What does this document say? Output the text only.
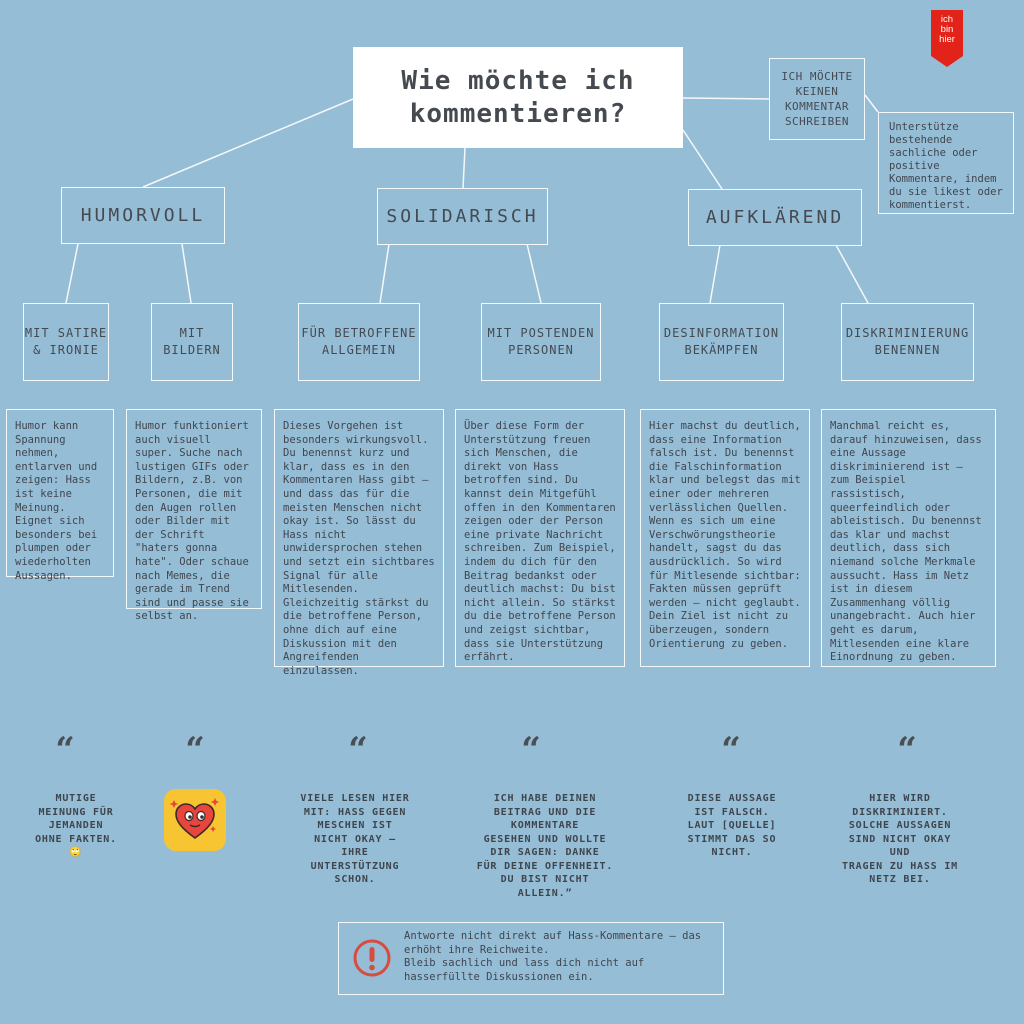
Wie möchte ich
kommentieren?
ich
bin
hier
ICH MÖCHTE
KEINEN
KOMMENTAR
SCHREIBEN	Unterstütze bestehende sachliche oder positive Kommentare, indem du sie likest oder kommentierst.
HUMORVOLL	SOLIDARISCH	AUFKLÄREND
MIT SATIRE
& IRONIE
MIT
BILDERN
FÜR BETROFFENE
ALLGEMEIN
MIT POSTENDEN
PERSONEN
DESINFORMATION
BEKÄMPFEN
DISKRIMINIERUNG
BENENNEN
Humor kann Spannung nehmen, entlarven und zeigen: Hass ist keine Meinung. Eignet sich besonders bei plumpen oder wiederholten Aussagen.
Humor funktioniert auch visuell super. Suche nach lustigen GIFs oder Bildern, z.B. von Personen, die mit den Augen rollen oder Bilder mit der Schrift "haters gonna hate". Oder schaue nach Memes, die gerade im Trend sind und passe sie selbst an.
Dieses Vorgehen ist besonders wirkungsvoll. Du benennst kurz und klar, dass es in den Kommentaren Hass gibt – und dass das für die meisten Menschen nicht okay ist. So lässt du Hass nicht unwidersprochen stehen und setzt ein sichtbares Signal für alle Mitlesenden. Gleichzeitig stärkst du die betroffene Person, ohne dich auf eine Diskussion mit den Angreifenden einzulassen.
Über diese Form der Unterstützung freuen sich Menschen, die direkt von Hass betroffen sind. Du kannst dein Mitgefühl offen in den Kommentaren zeigen oder der Person eine private Nachricht schreiben. Zum Beispiel, indem du dich für den Beitrag bedankst oder deutlich machst: Du bist nicht allein. So stärkst du die betroffene Person und zeigst sichtbar, dass sie Unterstützung erfährt.
Hier machst du deutlich, dass eine Information falsch ist. Du benennst die Falschinformation klar und belegst das mit einer oder mehreren verlässlichen Quellen. Wenn es sich um eine Verschwörungstheorie handelt, sagst du das ausdrücklich. So wird für Mitlesende sichtbar: Fakten müssen geprüft werden – nicht geglaubt. Dein Ziel ist nicht zu überzeugen, sondern Orientierung zu geben.
Manchmal reicht es, darauf hinzuweisen, dass eine Aussage diskriminierend ist – zum Beispiel rassistisch, queerfeindlich oder ableistisch. Du benennst das klar und machst deutlich, dass sich niemand solche Merkmale aussucht. Hass im Netz ist in diesem Zusammenhang völlig unangebracht. Auch hier geht es darum, Mitlesenden eine klare Einordnung zu geben.
“	“	“	“	“	“
MUTIGE
MEINUNG FÜR
JEMANDEN
OHNE FAKTEN.
🙄
VIELE LESEN HIER
MIT: HASS GEGEN
MESCHEN IST
NICHT OKAY –
IHRE
UNTERSTÜTZUNG
SCHON.
ICH HABE DEINEN
BEITRAG UND DIE
KOMMENTARE
GESEHEN UND WOLLTE
DIR SAGEN: DANKE
FÜR DEINE OFFENHEIT.
DU BIST NICHT
ALLEIN.”
DIESE AUSSAGE
IST FALSCH.
LAUT [QUELLE]
STIMMT DAS SO
NICHT.
HIER WIRD
DISKRIMINIERT.
SOLCHE AUSSAGEN
SIND NICHT OKAY UND
TRAGEN ZU HASS IM
NETZ BEI.
Antworte nicht direkt auf Hass-Kommentare – das erhöht ihre Reichweite.
Bleib sachlich und lass dich nicht auf hasserfüllte Diskussionen ein.
